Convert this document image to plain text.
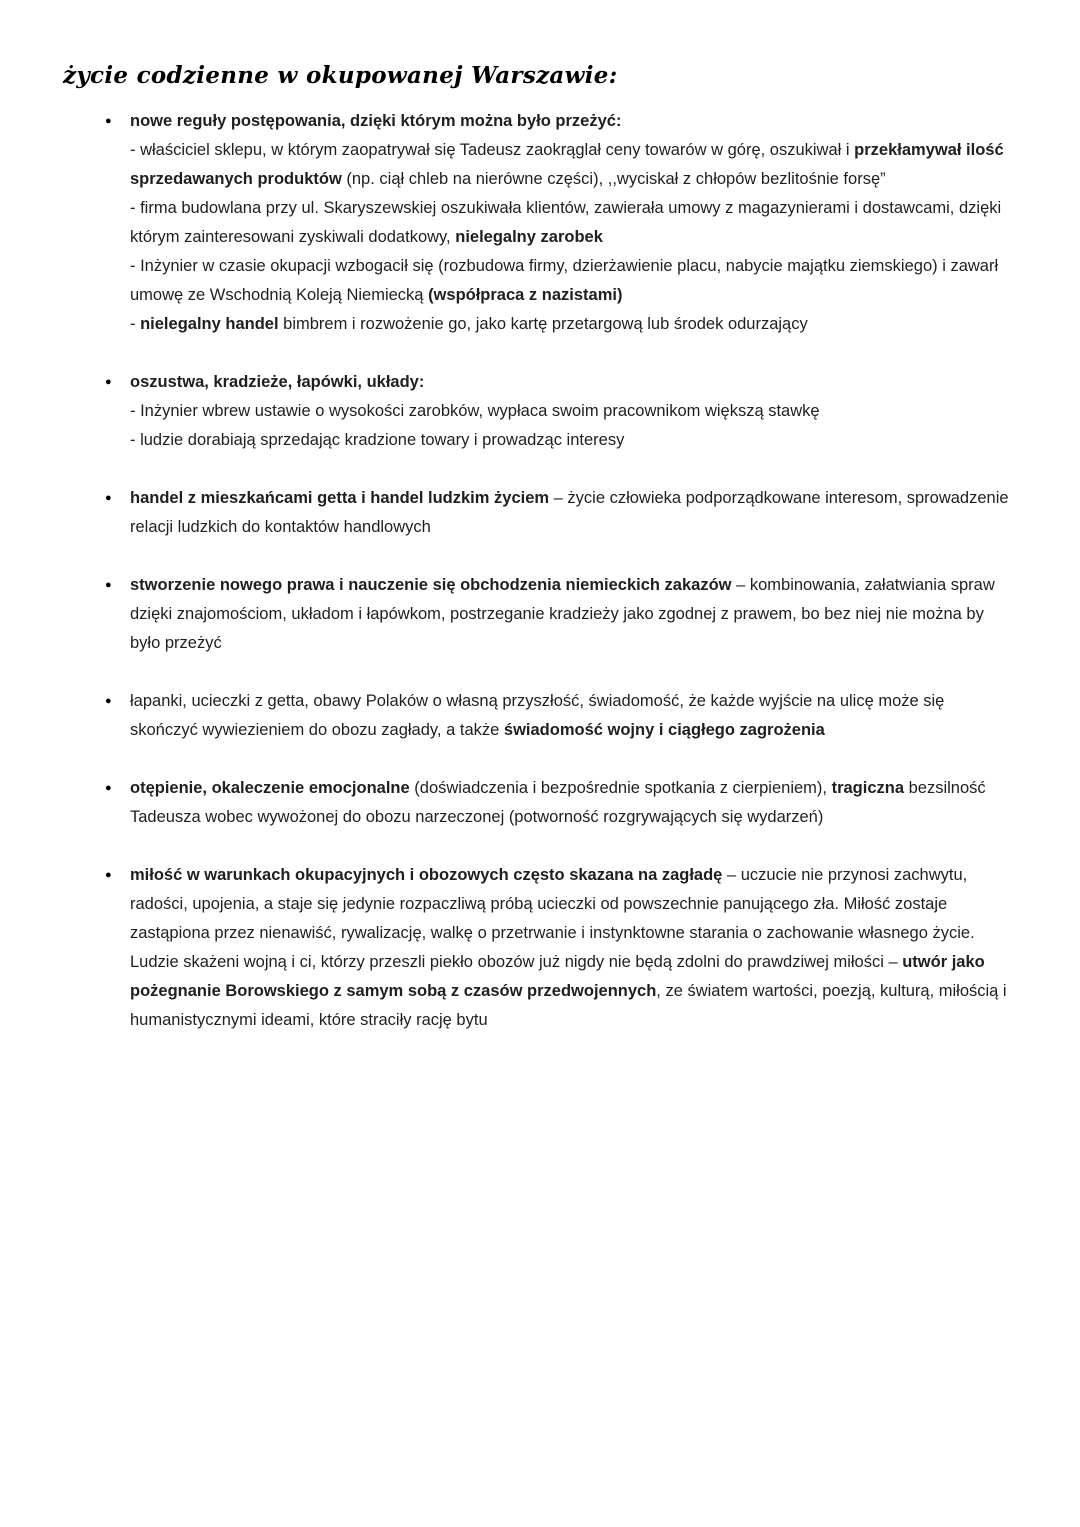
życie codzienne w okupowanej Warszawie:
● nowe reguły postępowania, dzięki którym można było przeżyć:
- właściciel sklepu, w którym zaopatrywał się Tadeusz zaokrąglał ceny towarów w górę, oszukiwał i przekłamywał ilość sprzedawanych produktów (np. ciął chleb na nierówne części), ,,wyciskał z chłopów bezlitośnie forsę”
- firma budowlana przy ul. Skaryszewskiej oszukiwała klientów, zawierała umowy z magazynierami i dostawcami, dzięki którym zainteresowani zyskiwali dodatkowy, nielegalny zarobek
- Inżynier w czasie okupacji wzbogacił się (rozbudowa firmy, dzierżawienie placu, nabycie majątku ziemskiego) i zawarł umowę ze Wschodnią Koleją Niemiecką (współpraca z nazistami)
- nielegalny handel bimbrem i rozwożenie go, jako kartę przetargową lub środek odurzający
● oszustwa, kradzieże, łapówki, układy:
- Inżynier wbrew ustawie o wysokości zarobków, wypłaca swoim pracownikom większą stawkę
- ludzie dorabiają sprzedając kradzione towary i prowadząc interesy
● handel z mieszkańcami getta i handel ludzkim życiem – życie człowieka podporządkowane interesom, sprowadzenie relacji ludzkich do kontaktów handlowych
● stworzenie nowego prawa i nauczenie się obchodzenia niemieckich zakazów – kombinowania, załatwiania spraw dzięki znajomościom, układom i łapówkom, postrzeganie kradzieży jako zgodnej z prawem, bo bez niej nie można by było przeżyć
● łapanki, ucieczki z getta, obawy Polaków o własną przyszłość, świadomość, że każde wyjście na ulicę może się skończyć wywiezieniem do obozu zagłady, a także świadomość wojny i ciągłego zagrożenia
● otępienie, okaleczenie emocjonalne (doświadczenia i bezpośrednie spotkania z cierpieniem), tragiczna bezsilność Tadeusza wobec wywożonej do obozu narzeczonej (potworność rozgrywających się wydarzeń)
● miłość w warunkach okupacyjnych i obozowych często skazana na zagładę – uczucie nie przynosi zachwytu, radości, upojenia, a staje się jedynie rozpaczliwą próbą ucieczki od powszechnie panującego zła. Miłość zostaje zastąpiona przez nienawiść, rywalizację, walkę o przetrwanie i instynktowne starania o zachowanie własnego życie. Ludzie skażeni wojną i ci, którzy przeszli piekło obozów już nigdy nie będą zdolni do prawdziwej miłości – utwór jako pożegnanie Borowskiego z samym sobą z czasów przedwojennych, ze światem wartości, poezją, kulturą, miłością i humanistycznymi ideami, które straciły rację bytu
